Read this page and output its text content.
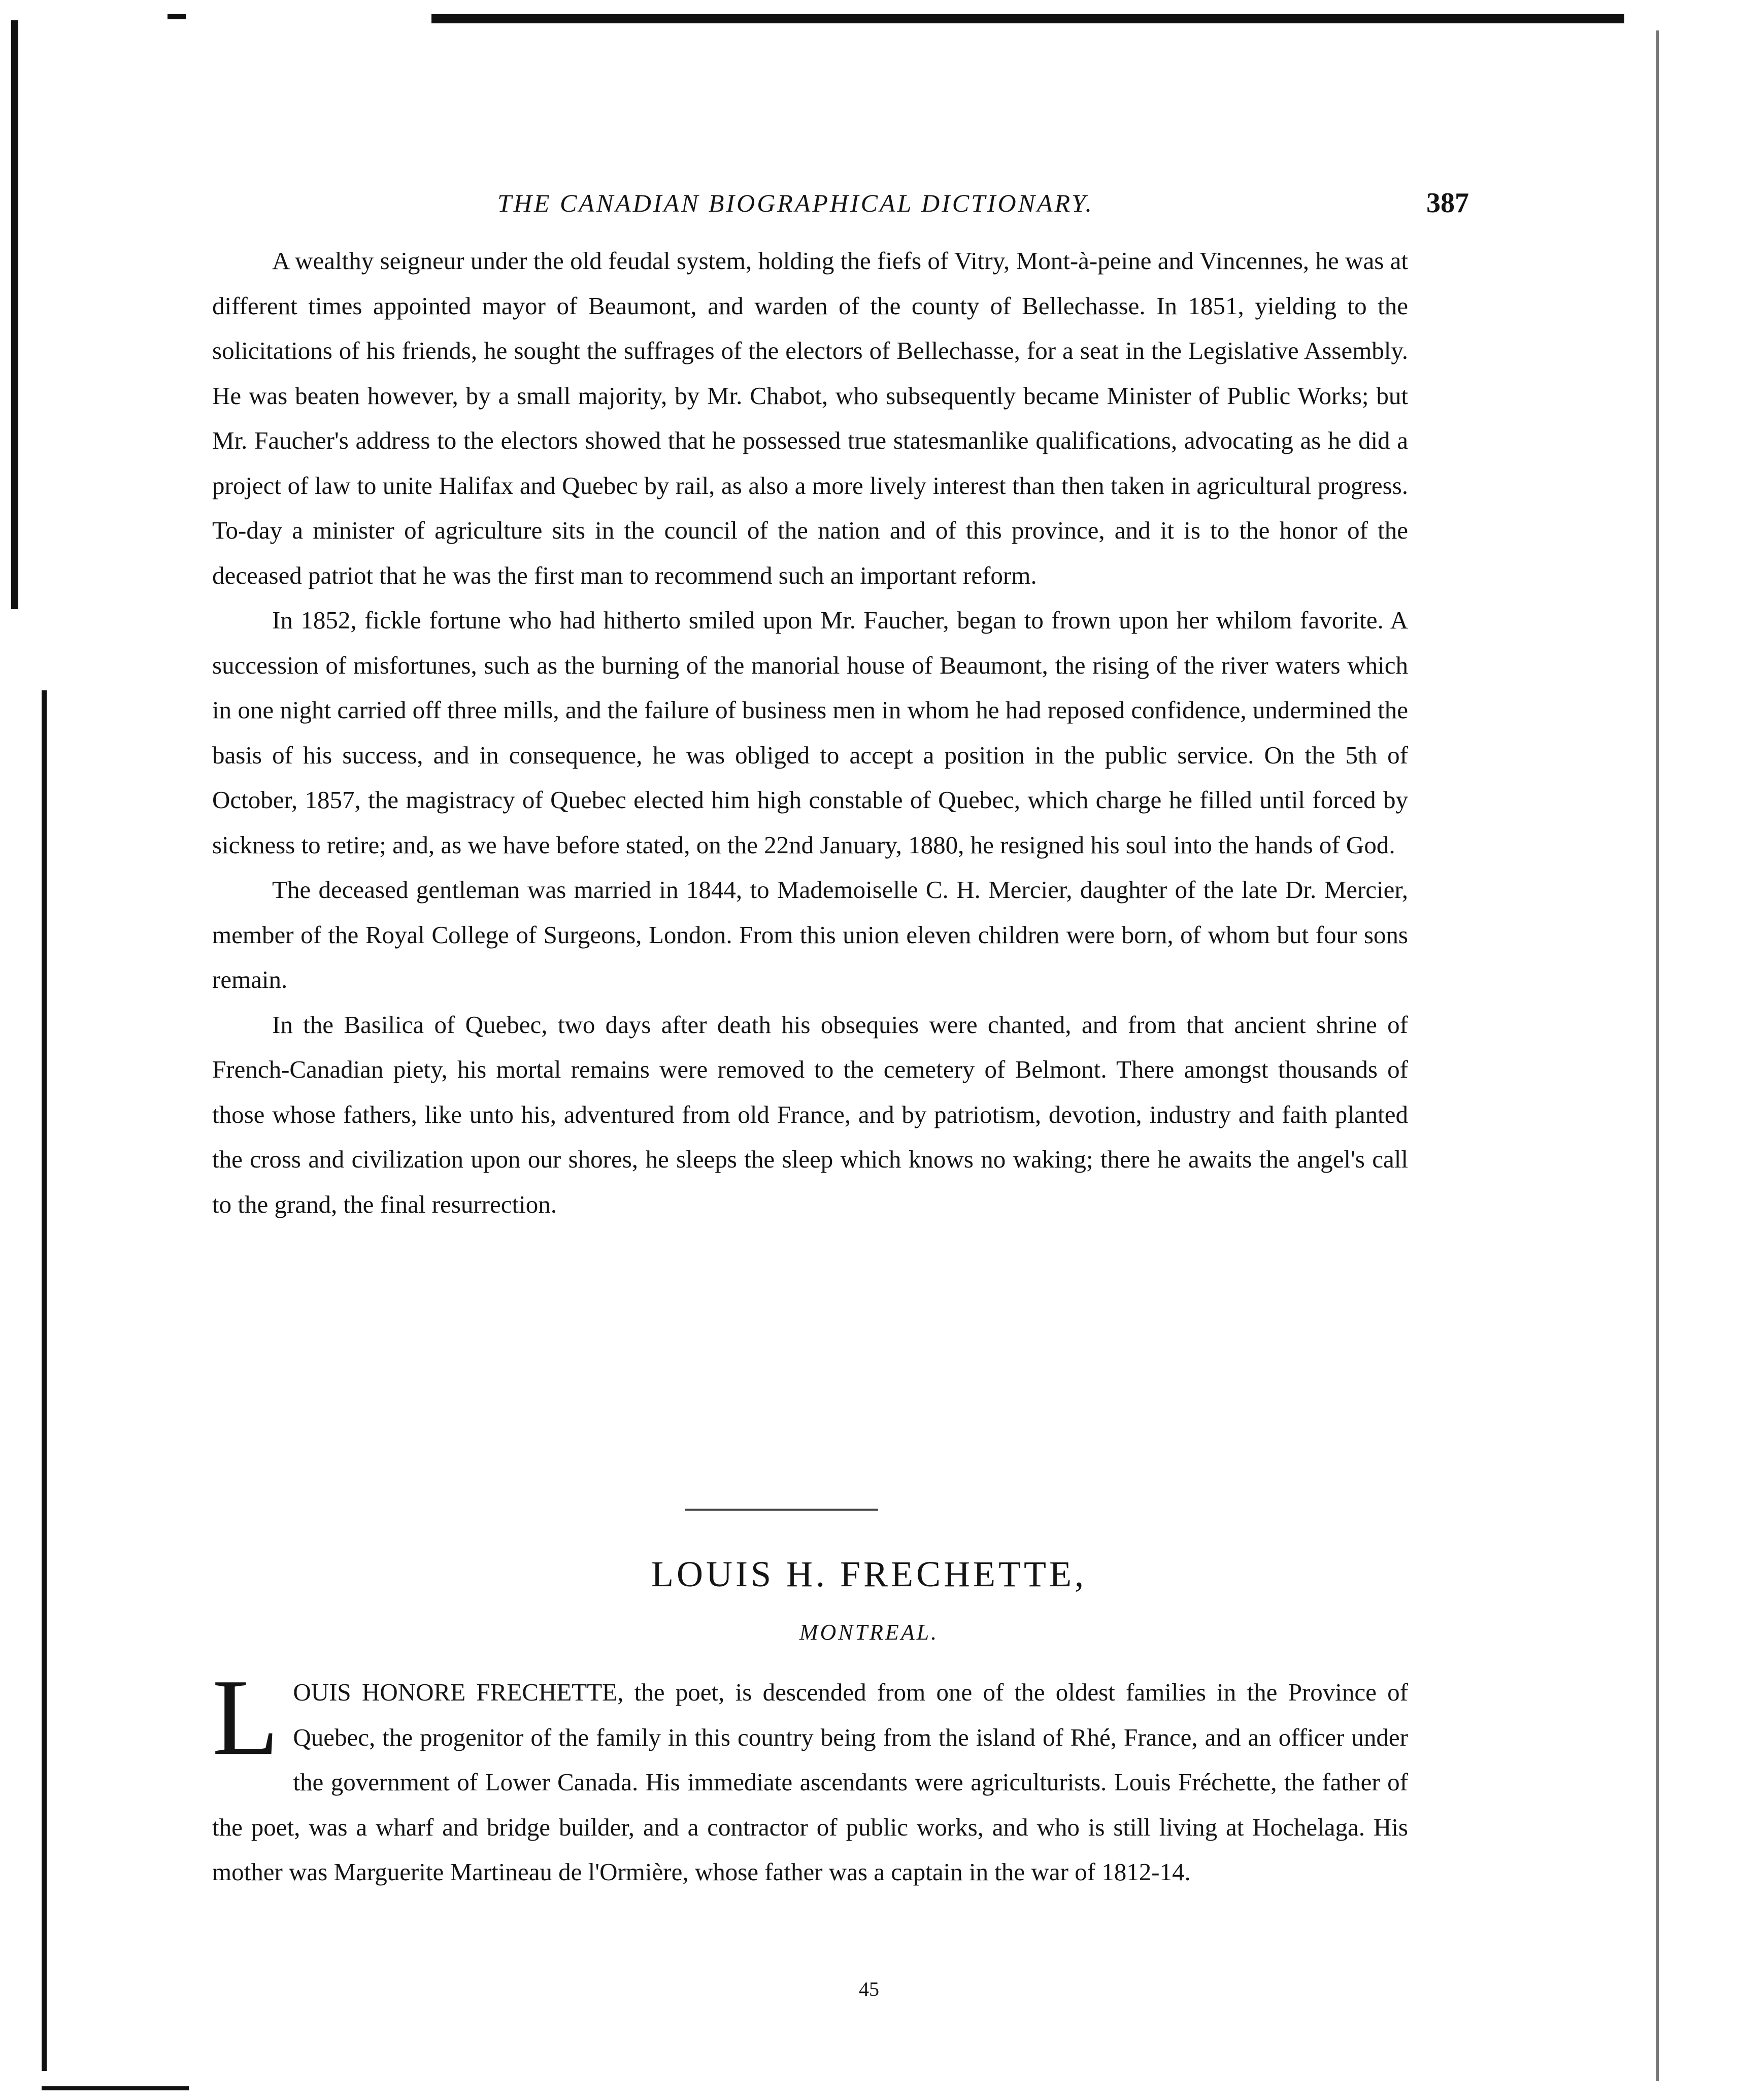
THE CANADIAN BIOGRAPHICAL DICTIONARY.	387

A wealthy seigneur under the old feudal system, holding the fiefs of Vitry, Mont-à-peine and Vincennes, he was at different times appointed mayor of Beaumont, and warden of the county of Bellechasse. In 1851, yielding to the solicitations of his friends, he sought the suffrages of the electors of Bellechasse, for a seat in the Legislative Assembly. He was beaten however, by a small majority, by Mr. Chabot, who subsequently became Minister of Public Works; but Mr. Faucher's address to the electors showed that he possessed true statesmanlike qualifications, advocating as he did a project of law to unite Halifax and Quebec by rail, as also a more lively interest than then taken in agricultural progress. To-day a minister of agriculture sits in the council of the nation and of this province, and it is to the honor of the deceased patriot that he was the first man to recommend such an important reform.

In 1852, fickle fortune who had hitherto smiled upon Mr. Faucher, began to frown upon her whilom favorite. A succession of misfortunes, such as the burning of the manorial house of Beaumont, the rising of the river waters which in one night carried off three mills, and the failure of business men in whom he had reposed confidence, undermined the basis of his success, and in consequence, he was obliged to accept a position in the public service. On the 5th of October, 1857, the magistracy of Quebec elected him high constable of Quebec, which charge he filled until forced by sickness to retire; and, as we have before stated, on the 22nd January, 1880, he resigned his soul into the hands of God.

The deceased gentleman was married in 1844, to Mademoiselle C. H. Mercier, daughter of the late Dr. Mercier, member of the Royal College of Surgeons, London. From this union eleven children were born, of whom but four sons remain.

In the Basilica of Quebec, two days after death his obsequies were chanted, and from that ancient shrine of French-Canadian piety, his mortal remains were removed to the cemetery of Belmont. There amongst thousands of those whose fathers, like unto his, adventured from old France, and by patriotism, devotion, industry and faith planted the cross and civilization upon our shores, he sleeps the sleep which knows no waking; there he awaits the angel's call to the grand, the final resurrection.

LOUIS H. FRECHETTE,
MONTREAL.

LOUIS HONORE FRECHETTE, the poet, is descended from one of the oldest families in the Province of Quebec, the progenitor of the family in this country being from the island of Rhé, France, and an officer under the government of Lower Canada. His immediate ascendants were agriculturists. Louis Fréchette, the father of the poet, was a wharf and bridge builder, and a contractor of public works, and who is still living at Hochelaga. His mother was Marguerite Martineau de l'Ormière, whose father was a captain in the war of 1812-14.

45
